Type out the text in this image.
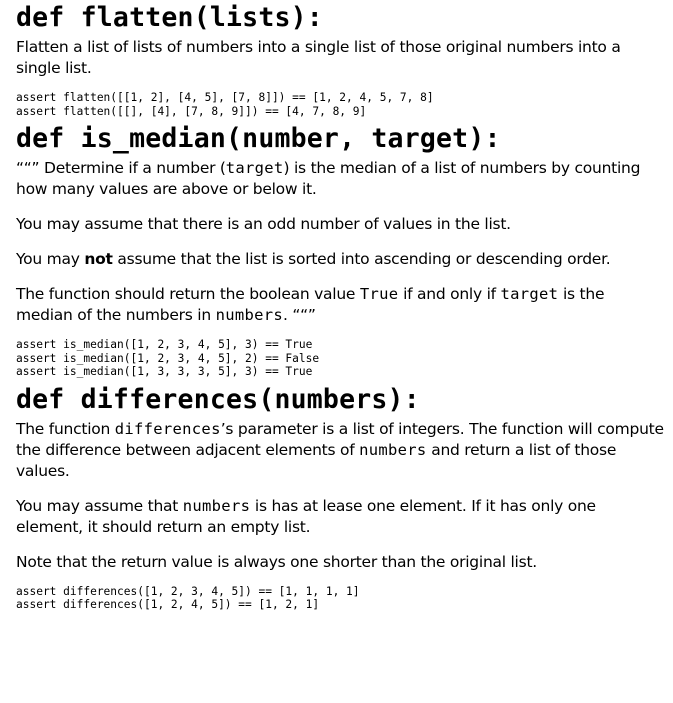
def flatten(lists):

Flatten a list of lists of numbers into a single list of those original numbers into a single list.

assert flatten([[1, 2], [4, 5], [7, 8]]) == [1, 2, 4, 5, 7, 8]
assert flatten([[], [4], [7, 8, 9]]) == [4, 7, 8, 9]
def is_median(number, target):

““” Determine if a number (target) is the median of a list of numbers by counting how many values are above or below it.

You may assume that there is an odd number of values in the list.

You may not assume that the list is sorted into ascending or descending order.

The function should return the boolean value True if and only if target is the median of the numbers in numbers. ““”

assert is_median([1, 2, 3, 4, 5], 3) == True
assert is_median([1, 2, 3, 4, 5], 2) == False
assert is_median([1, 3, 3, 3, 5], 3) == True
def differences(numbers):

The function differences’s parameter is a list of integers. The function will compute the difference between adjacent elements of numbers and return a list of those values.

You may assume that numbers is has at lease one element. If it has only one element, it should return an empty list.

Note that the return value is always one shorter than the original list.

assert differences([1, 2, 3, 4, 5]) == [1, 1, 1, 1]
assert differences([1, 2, 4, 5]) == [1, 2, 1]
